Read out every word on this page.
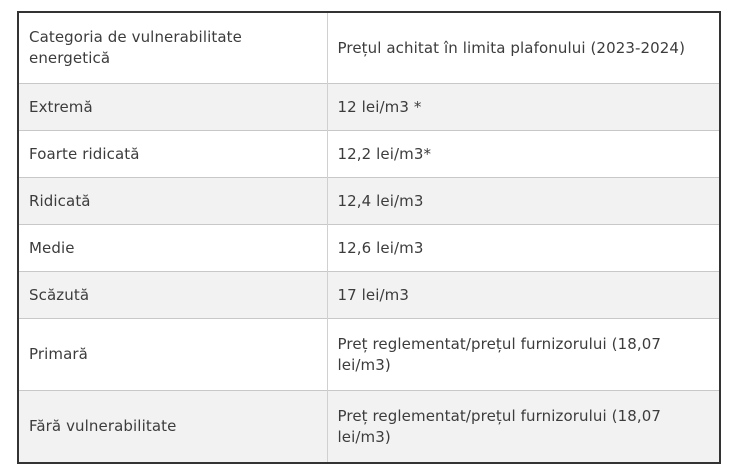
Categoria de vulnerabilitate energetică	Prețul achitat în limita plafonului (2023-2024)
Extremă	12 lei/m3 *
Foarte ridicată	12,2 lei/m3*
Ridicată	12,4 lei/m3
Medie	12,6 lei/m3
Scăzută	17 lei/m3
Primară	Preț reglementat/prețul furnizorului (18,07 lei/m3)
Fără vulnerabilitate	Preț reglementat/prețul furnizorului (18,07 lei/m3)
